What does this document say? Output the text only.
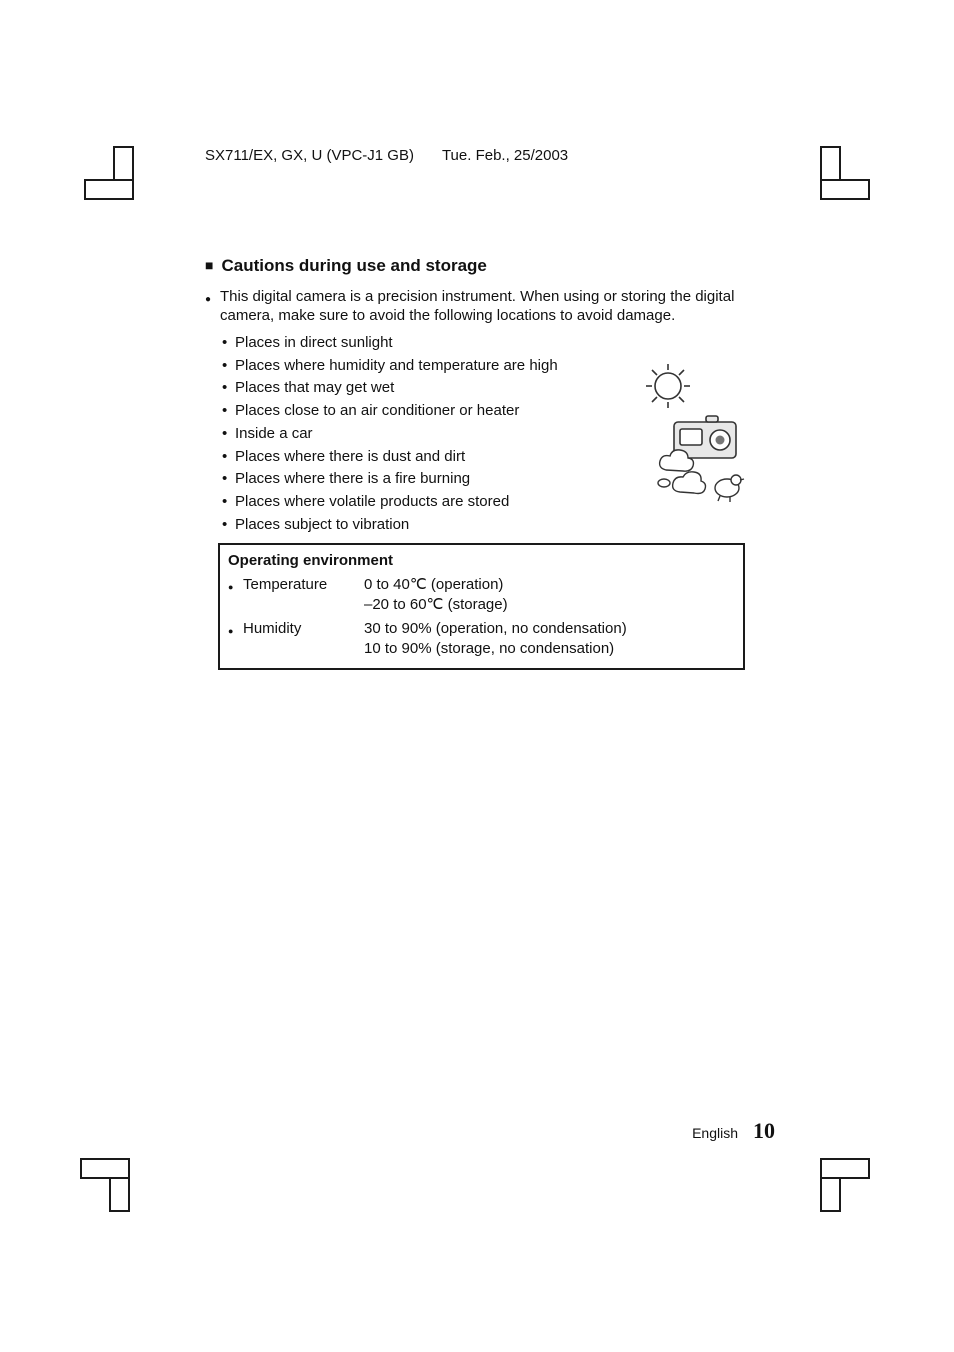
SX711/EX, GX, U (VPC-J1 GB) Tue. Feb., 25/2003
■ Cautions during use and storage
●

This digital camera is a precision instrument. When using or storing the digital camera, make sure to avoid the following locations to avoid damage.

•
Places in direct sunlight
•
Places where humidity and temperature are high
•
Places that may get wet
•
Places close to an air conditioner or heater
•
Inside a car
•
Places where there is dust and dirt
•
Places where there is a fire burning
•
Places where volatile products are stored
•
Places subject to vibration
Operating environment
●
Temperature	0 to 40℃ (operation)
–20 to 60℃ (storage)
●
Humidity	30 to 90% (operation, no condensation)
10 to 90% (storage, no condensation)
English 10
